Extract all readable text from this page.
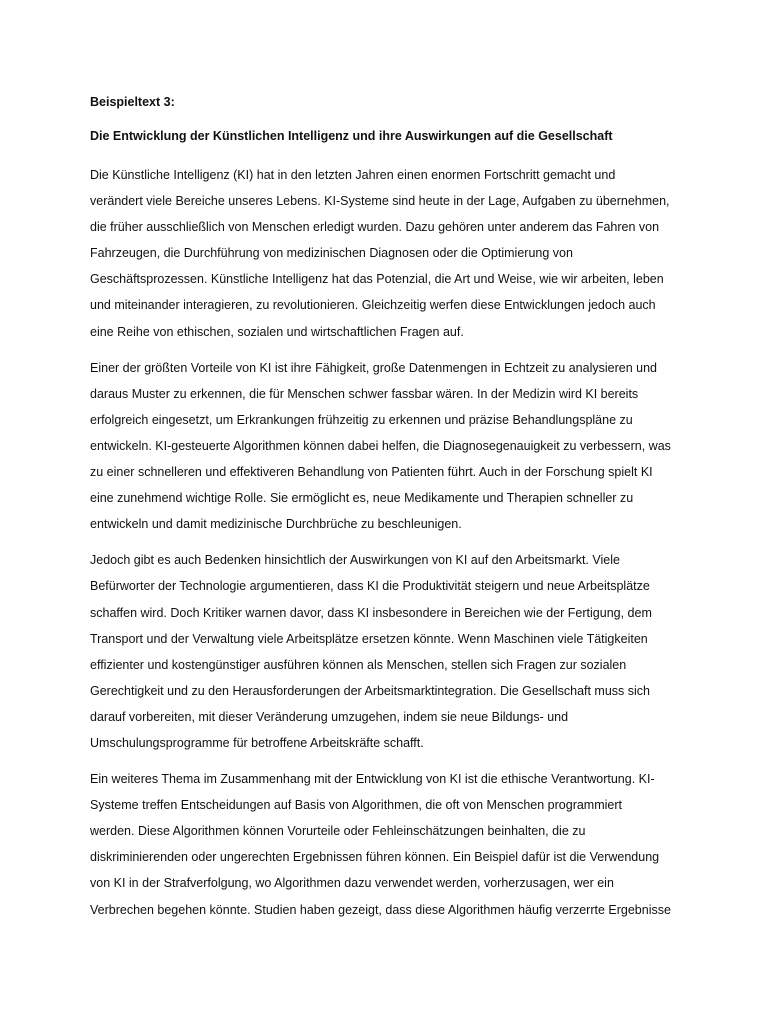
Beispieltext 3:

Die Entwicklung der Künstlichen Intelligenz und ihre Auswirkungen auf die Gesellschaft

Die Künstliche Intelligenz (KI) hat in den letzten Jahren einen enormen Fortschritt gemacht und
verändert viele Bereiche unseres Lebens. KI-Systeme sind heute in der Lage, Aufgaben zu übernehmen,
die früher ausschließlich von Menschen erledigt wurden. Dazu gehören unter anderem das Fahren von
Fahrzeugen, die Durchführung von medizinischen Diagnosen oder die Optimierung von
Geschäftsprozessen. Künstliche Intelligenz hat das Potenzial, die Art und Weise, wie wir arbeiten, leben
und miteinander interagieren, zu revolutionieren. Gleichzeitig werfen diese Entwicklungen jedoch auch
eine Reihe von ethischen, sozialen und wirtschaftlichen Fragen auf.
Einer der größten Vorteile von KI ist ihre Fähigkeit, große Datenmengen in Echtzeit zu analysieren und
daraus Muster zu erkennen, die für Menschen schwer fassbar wären. In der Medizin wird KI bereits
erfolgreich eingesetzt, um Erkrankungen frühzeitig zu erkennen und präzise Behandlungspläne zu
entwickeln. KI-gesteuerte Algorithmen können dabei helfen, die Diagnosegenauigkeit zu verbessern, was
zu einer schnelleren und effektiveren Behandlung von Patienten führt. Auch in der Forschung spielt KI
eine zunehmend wichtige Rolle. Sie ermöglicht es, neue Medikamente und Therapien schneller zu
entwickeln und damit medizinische Durchbrüche zu beschleunigen.
Jedoch gibt es auch Bedenken hinsichtlich der Auswirkungen von KI auf den Arbeitsmarkt. Viele
Befürworter der Technologie argumentieren, dass KI die Produktivität steigern und neue Arbeitsplätze
schaffen wird. Doch Kritiker warnen davor, dass KI insbesondere in Bereichen wie der Fertigung, dem
Transport und der Verwaltung viele Arbeitsplätze ersetzen könnte. Wenn Maschinen viele Tätigkeiten
effizienter und kostengünstiger ausführen können als Menschen, stellen sich Fragen zur sozialen
Gerechtigkeit und zu den Herausforderungen der Arbeitsmarktintegration. Die Gesellschaft muss sich
darauf vorbereiten, mit dieser Veränderung umzugehen, indem sie neue Bildungs- und
Umschulungsprogramme für betroffene Arbeitskräfte schafft.
Ein weiteres Thema im Zusammenhang mit der Entwicklung von KI ist die ethische Verantwortung. KI-
Systeme treffen Entscheidungen auf Basis von Algorithmen, die oft von Menschen programmiert
werden. Diese Algorithmen können Vorurteile oder Fehleinschätzungen beinhalten, die zu
diskriminierenden oder ungerechten Ergebnissen führen können. Ein Beispiel dafür ist die Verwendung
von KI in der Strafverfolgung, wo Algorithmen dazu verwendet werden, vorherzusagen, wer ein
Verbrechen begehen könnte. Studien haben gezeigt, dass diese Algorithmen häufig verzerrte Ergebnisse
